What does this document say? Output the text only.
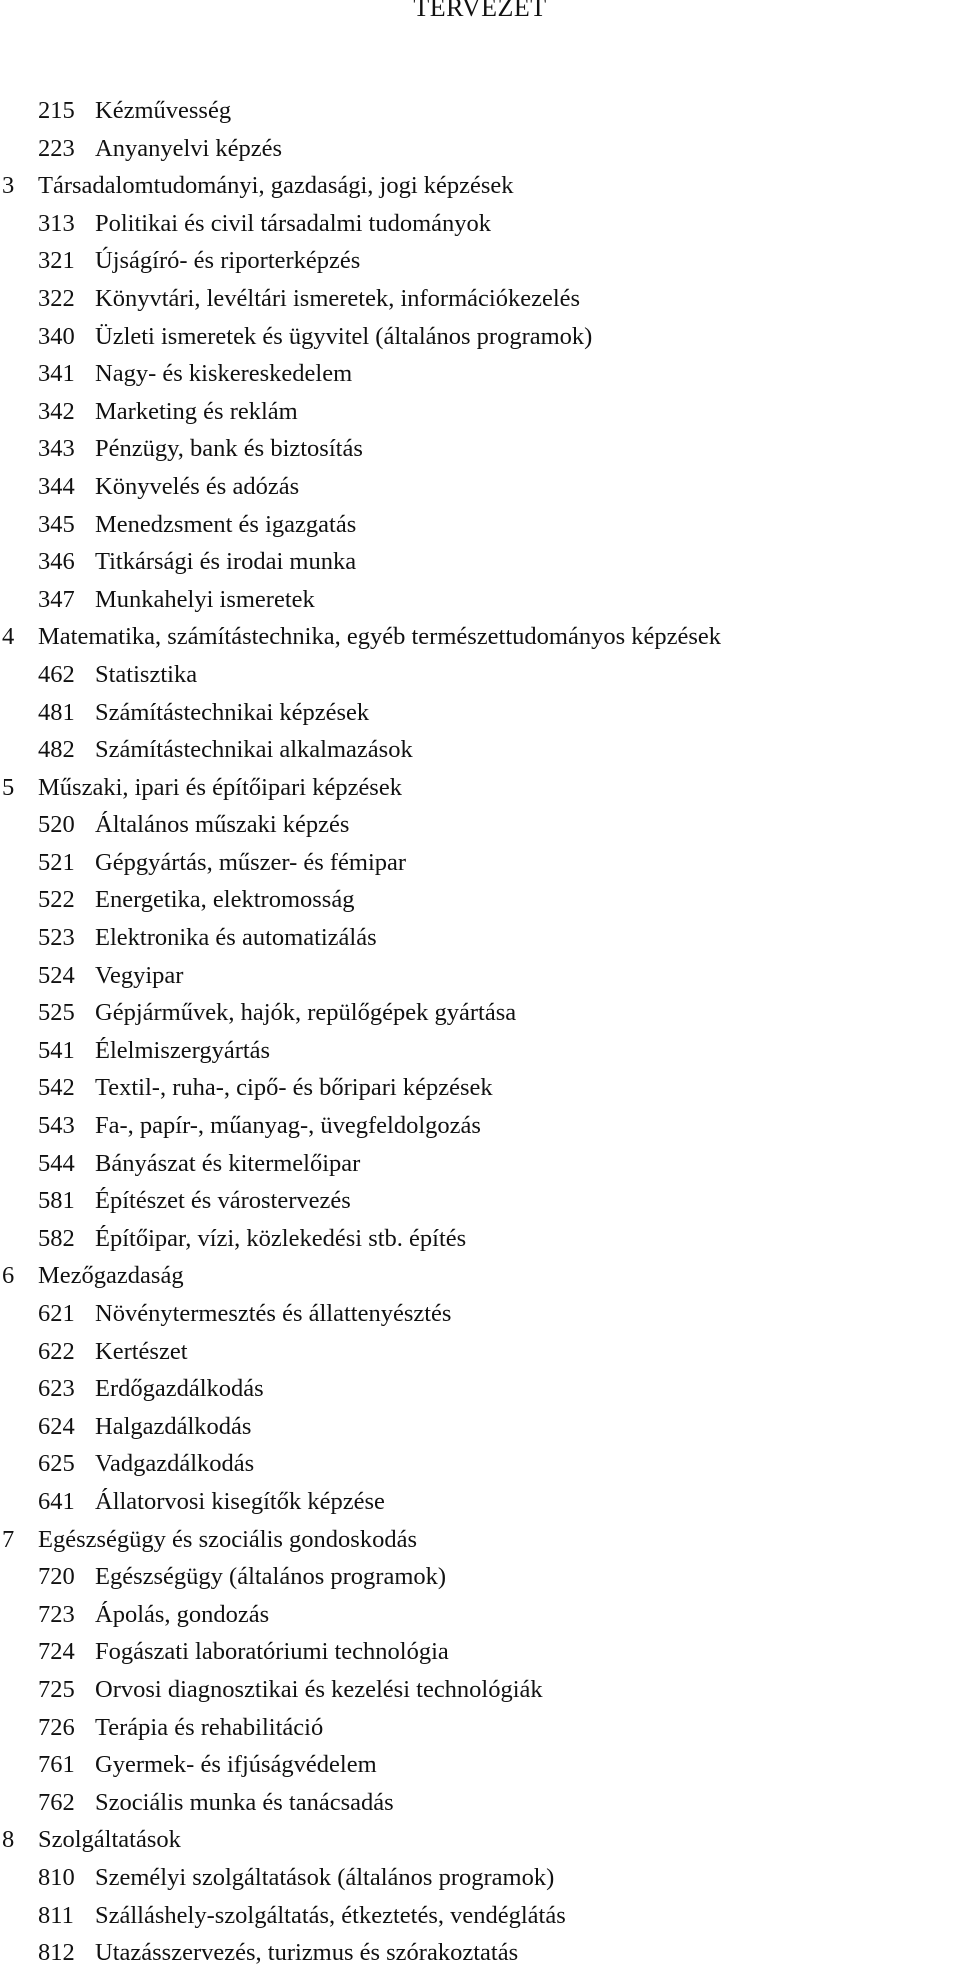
TERVEZET
215 Kézművesség
223 Anyanyelvi képzés
3 Társadalomtudományi, gazdasági, jogi képzések
313 Politikai és civil társadalmi tudományok
321 Újságíró- és riporterképzés
322 Könyvtári, levéltári ismeretek, információkezelés
340 Üzleti ismeretek és ügyvitel (általános programok)
341 Nagy- és kiskereskedelem
342 Marketing és reklám
343 Pénzügy, bank és biztosítás
344 Könyvelés és adózás
345 Menedzsment és igazgatás
346 Titkársági és irodai munka
347 Munkahelyi ismeretek
4 Matematika, számítástechnika, egyéb természettudományos képzések
462 Statisztika
481 Számítástechnikai képzések
482 Számítástechnikai alkalmazások
5 Műszaki, ipari és építőipari képzések
520 Általános műszaki képzés
521 Gépgyártás, műszer- és fémipar
522 Energetika, elektromosság
523 Elektronika és automatizálás
524 Vegyipar
525 Gépjárművek, hajók, repülőgépek gyártása
541 Élelmiszergyártás
542 Textil-, ruha-, cipő- és bőripari képzések
543 Fa-, papír-, műanyag-, üvegfeldolgozás
544 Bányászat és kitermelőipar
581 Építészet és várostervezés
582 Építőipar, vízi, közlekedési stb. építés
6 Mezőgazdaság
621 Növénytermesztés és állattenyésztés
622 Kertészet
623 Erdőgazdálkodás
624 Halgazdálkodás
625 Vadgazdálkodás
641 Állatorvosi kisegítők képzése
7 Egészségügy és szociális gondoskodás
720 Egészségügy (általános programok)
723 Ápolás, gondozás
724 Fogászati laboratóriumi technológia
725 Orvosi diagnosztikai és kezelési technológiák
726 Terápia és rehabilitáció
761 Gyermek- és ifjúságvédelem
762 Szociális munka és tanácsadás
8 Szolgáltatások
810 Személyi szolgáltatások (általános programok)
811 Szálláshely-szolgáltatás, étkeztetés, vendéglátás
812 Utazásszervezés, turizmus és szórakoztatás
